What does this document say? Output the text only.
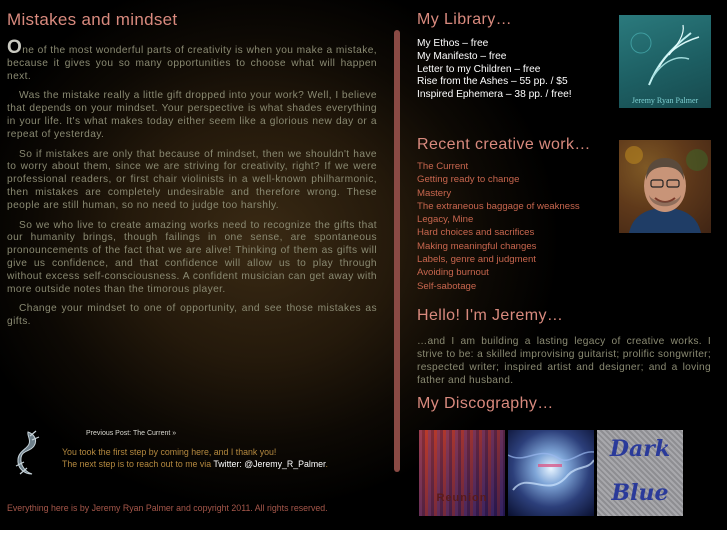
Mistakes and mindset

One of the most wonderful parts of creativity is when you make a mistake, because it gives you so many opportunities to choose what will happen next.

Was the mistake really a little gift dropped into your work? Well, I believe that depends on your mindset. Your perspective is what shades everything in your life. It's what makes today either seem like a glorious new day or a repeat of yesterday.

So if mistakes are only that because of mindset, then we shouldn't have to worry about them, since we are striving for creativity, right? If we were professional readers, or first chair violinists in a well-known philharmonic, then mistakes are completely undesirable and therefore wrong. These people are still human, so no need to judge too harshly.

So we who live to create amazing works need to recognize the gifts that our humanity brings, though failings in one sense, are spontaneous pronouncements of the fact that we are alive! Thinking of them as gifts will give us confidence, and that confidence will allow us to play through without excess self-consciousness. A confident musician can get away with more outside notes than the timorous player.

Change your mindset to one of opportunity, and see those mistakes as gifts.

Previous Post: The Current »
You took the first step by coming here, and I thank you!
The next step is to reach out to me via Twitter: @Jeremy_R_Palmer.
Everything here is by Jeremy Ryan Palmer and copyright 2011. All rights reserved.
My Library…
My Ethos – free
My Manifesto – free
Letter to my Children – free
Rise from the Ashes – 55 pp. / $5
Inspired Ephemera – 38 pp. / free!
Jeremy Ryan Palmer
Recent creative work…
The Current
Getting ready to change
Mastery
The extraneous baggage of weakness
Legacy, Mine
Hard choices and sacrifices
Making meaningful changes
Labels, genre and judgment
Avoiding burnout
Self-sabotage
Hello! I'm Jeremy…

…and I am building a lasting legacy of creative works. I strive to be: a skilled improvising guitarist; prolific songwriter; respected writer; inspired artist and designer; and a loving father and husband.

My Discography…
Reunion
Dark
Blue
